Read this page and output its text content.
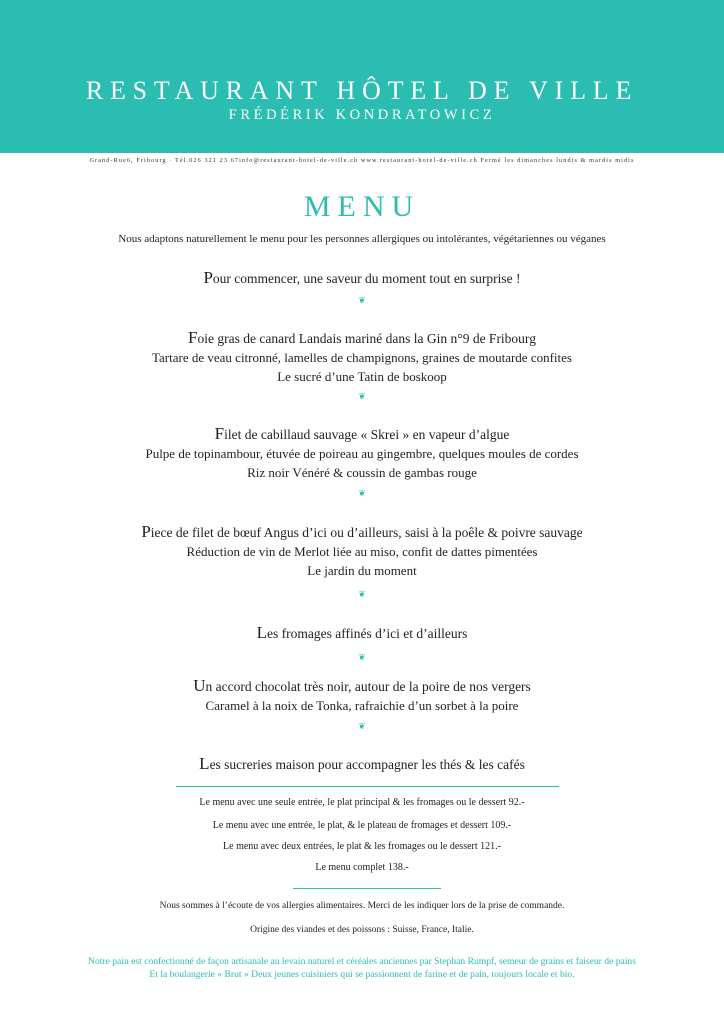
RESTAURANT HÔTEL DE VILLE
FRÉDÉRIK KONDRATOWICZ
Grand-Rue6, Fribourg · Tél.026 321 23 67info@restaurant-hotel-de-ville.ch www.restaurant-hotel-de-ville.ch Fermé les dimanches lundis & mardis midis
MENU
Nous adaptons naturellement le menu pour les personnes allergiques ou intolérantes, végétariennes ou véganes
Pour commencer, une saveur du moment tout en surprise !
❦
Foie gras de canard Landais mariné dans la Gin n°9 de Fribourg
Tartare de veau citronné, lamelles de champignons, graines de moutarde confites
Le sucré d’une Tatin de boskoop
❦
Filet de cabillaud sauvage « Skrei » en vapeur d’algue
Pulpe de topinambour, étuvée de poireau au gingembre, quelques moules de cordes
Riz noir Vénéré & coussin de gambas rouge
❦
Piece de filet de bœuf Angus d’ici ou d’ailleurs, saisi à la poêle & poivre sauvage
Réduction de vin de Merlot liée au miso, confit de dattes pimentées
Le jardin du moment
❦
Les fromages affinés d’ici et d’ailleurs
❦
Un accord chocolat très noir, autour de la poire de nos vergers
Caramel à la noix de Tonka, rafraichie d’un sorbet à la poire
❦
Les sucreries maison pour accompagner les thés & les cafés
Le menu avec une seule entrée, le plat principal & les fromages ou le dessert 92.-
Le menu avec une entrée, le plat, & le plateau de fromages et dessert 109.-
Le menu avec deux entrées, le plat & les fromages ou le dessert 121.-
Le menu complet 138.-
Nous sommes à l’écoute de vos allergies alimentaires. Merci de les indiquer lors de la prise de commande.
Origine des viandes et des poissons : Suisse, France, Italie.
Notre pain est confectionné de façon artisanale au levain naturel et céréales anciennes par Stephan Rumpf, semeur de grains et faiseur de pains
Et la boulangerie « Brut » Deux jeunes cuisiniers qui se passionnent de farine et de pain, toujours locale et bio.
